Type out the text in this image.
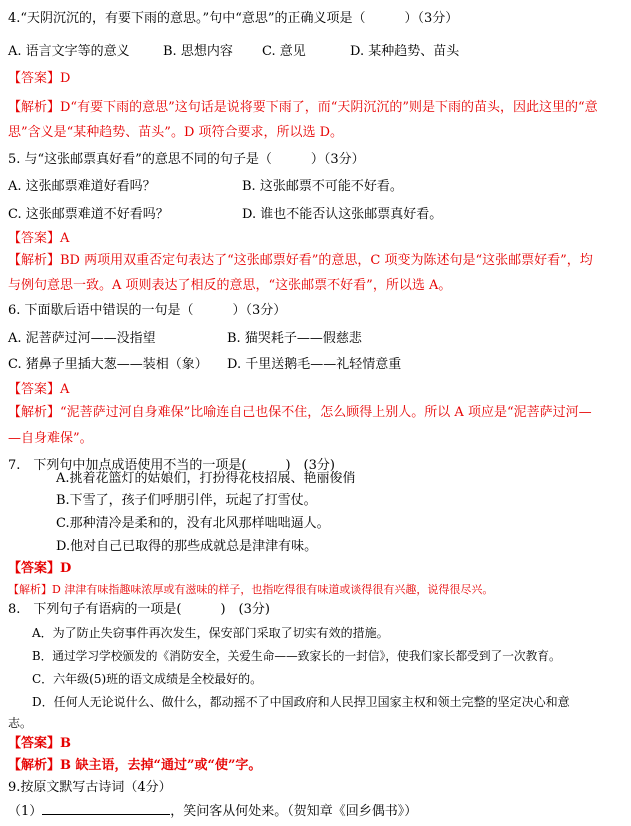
4.“天阴沉沉的，有要下雨的意思。”句中“意思”的正确义项是（　　　）（3分）
A. 语言文字等的意义	B. 思想内容 C. 意见	D. 某种趋势、苗头
【答案】D
【解析】D“有要下雨的意思”这句话是说将要下雨了，而“天阴沉沉的”则是下雨的苗头，因此这里的“意
思”含义是“某种趋势、苗头”。D 项符合要求，所以选 D。
5. 与“这张邮票真好看”的意思不同的句子是（　　　）（3分）
A. 这张邮票难道好看吗？	B. 这张邮票不可能不好看。
C. 这张邮票难道不好看吗？	D. 谁也不能否认这张邮票真好看。
【答案】A
【解析】BD 两项用双重否定句表达了“这张邮票好看”的意思，C 项变为陈述句是“这张邮票好看”，均
与例句意思一致。A 项则表达了相反的意思，“这张邮票不好看”，所以选 A。
6. 下面歇后语中错误的一句是（　　　）（3分）
A. 泥菩萨过河——没指望	B. 猫哭耗子——假慈悲
C. 猪鼻子里插大葱——装相（象） D. 千里送鹅毛——礼轻情意重
【答案】A
【解析】“泥菩萨过河自身难保”比喻连自己也保不住，怎么顾得上别人。所以 A 项应是“泥菩萨过河—
—自身难保”。
7.　下列句中加点成语使用不当的一项是(　　　)　(3分)
A.挑着花篮灯的姑娘们，打扮得花枝招展、艳丽俊俏
B.下雪了，孩子们呼朋引伴，玩起了打雪仗。
C.那种清冷是柔和的，没有北风那样咄咄逼人。
D.他对自己已取得的那些成就总是津津有味。
【答案】D
【解析】D 津津有味指趣味浓厚或有滋味的样子，也指吃得很有味道或谈得很有兴趣，说得很尽兴。
8.　下列句子有语病的一项是(　　　)　(3分)
A．为了防止失窃事件再次发生，保安部门采取了切实有效的措施。
B．通过学习学校颁发的《消防安全，关爱生命——致家长的一封信》，使我们家长都受到了一次教育。
C．六年级(5)班的语文成绩是全校最好的。
D．任何人无论说什么、做什么，都动摇不了中国政府和人民捍卫国家主权和领土完整的坚定决心和意
志。
【答案】B
【解析】B 缺主语，去掉“通过”或“使”字。
9.按原文默写古诗词（4分）
（1）	，笑问客从何处来。（贺知章《回乡偶书》）
